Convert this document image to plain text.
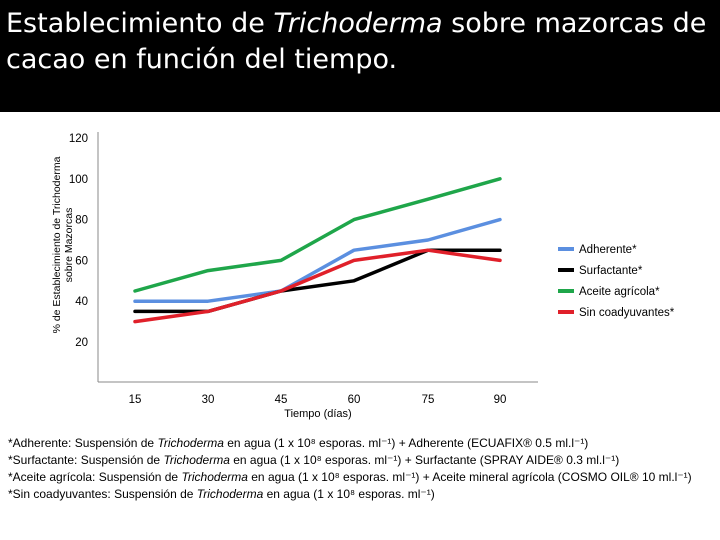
Establecimiento de Trichoderma sobre mazorcas de cacao en función del tiempo.
20
40
60
80
100
120
15	30	45	60	75	90
Adherente*
Surfactante*
Aceite agrícola*
Sin coadyuvantes*
% de Establecimiento de Trichodermasobre Mazorcas
Tiempo (días)
*Adherente: Suspensión de Trichoderma en agua (1 x 10⁸ esporas. ml⁻¹) + Adherente (ECUAFIX® 0.5 ml.l⁻¹)
*Surfactante: Suspensión de Trichoderma en agua (1 x 10⁸ esporas. ml⁻¹) + Surfactante (SPRAY AIDE® 0.3 ml.l⁻¹)
*Aceite agrícola: Suspensión de Trichoderma en agua (1 x 10⁸ esporas. ml⁻¹) + Aceite mineral agrícola (COSMO OIL® 10 ml.l⁻¹)
*Sin coadyuvantes: Suspensión de Trichoderma en agua (1 x 10⁸ esporas. ml⁻¹)
